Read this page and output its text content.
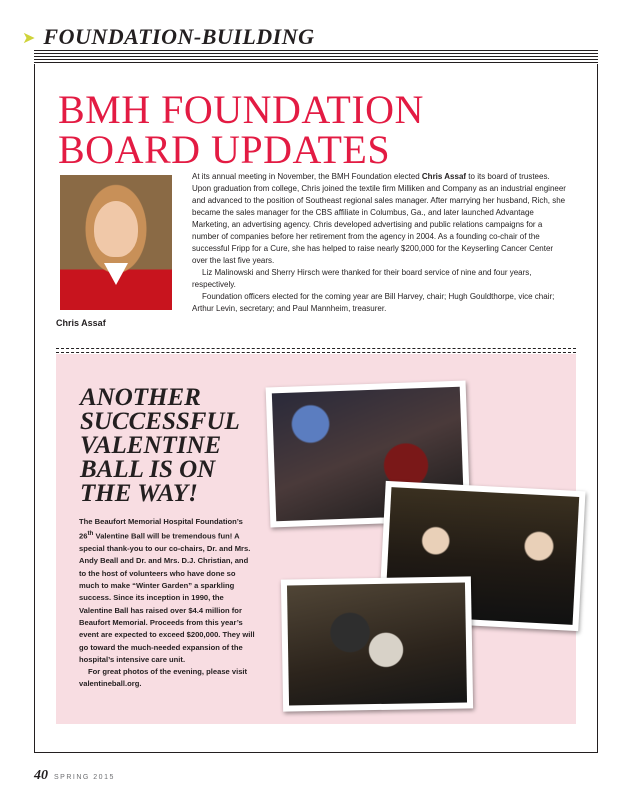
➤ FOUNDATION-BUILDING
BMH FOUNDATION
BOARD UPDATES
Chris Assaf

At its annual meeting in November, the BMH Foundation elected Chris Assaf to its board of trustees. Upon graduation from college, Chris joined the textile firm Milliken and Company as an industrial engineer and advanced to the position of Southeast regional sales manager. After marrying her husband, Rich, she became the sales manager for the CBS affiliate in Columbus, Ga., and later launched Advantage Marketing, an advertising agency. Chris developed advertising and public relations campaigns for a number of companies before her retirement from the agency in 2004. As a founding co-chair of the successful Fripp for a Cure, she has helped to raise nearly $200,000 for the Keyserling Cancer Center over the last five years.

Liz Malinowski and Sherry Hirsch were thanked for their board service of nine and four years, respectively.

Foundation officers elected for the coming year are Bill Harvey, chair; Hugh Gouldthorpe, vice chair; Arthur Levin, secretary; and Paul Mannheim, treasurer.

ANOTHER
SUCCESSFUL
VALENTINE
BALL IS ON
THE WAY!

The Beaufort Memorial Hospital Foundation’s 26th Valentine Ball will be tremendous fun! A special thank-you to our co-chairs, Dr. and Mrs. Andy Beall and Dr. and Mrs. D.J. Christian, and to the host of volunteers who have done so much to make “Winter Garden” a sparkling success. Since its inception in 1990, the Valentine Ball has raised over $4.4 million for Beaufort Memorial. Proceeds from this year’s event are expected to exceed $200,000. They will go toward the much-needed expansion of the hospital’s intensive care unit.

For great photos of the evening, please visit valentineball.org.

40 SPRING 2015
